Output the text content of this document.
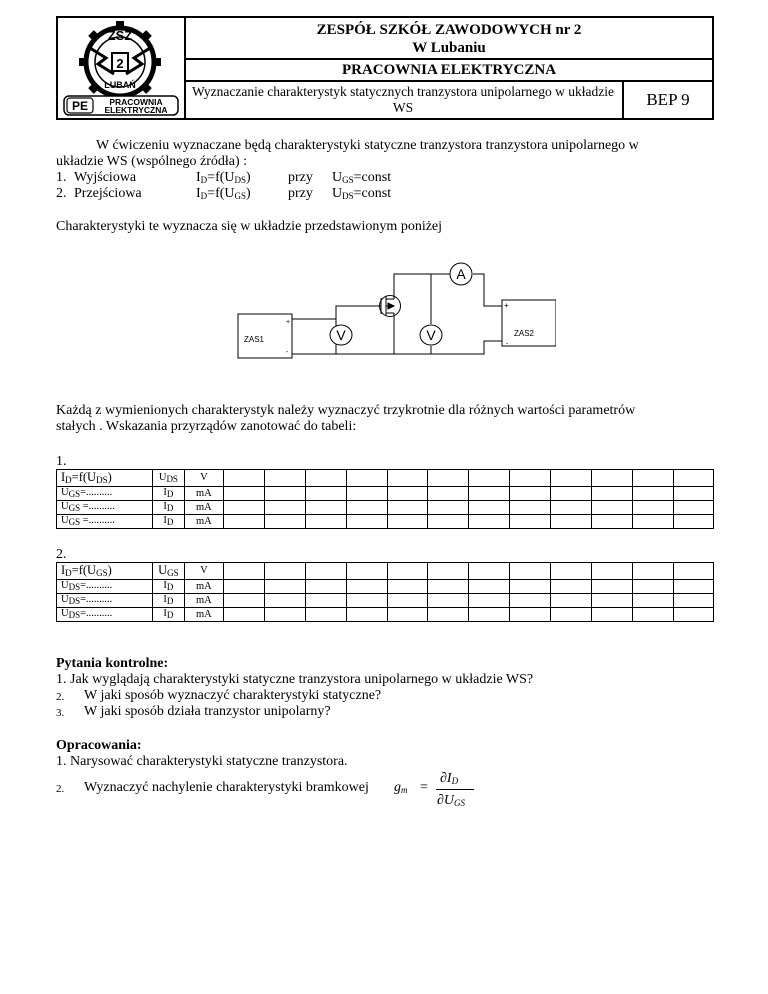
ZSZ
2
LUBAŃ
PE	PRACOWNIA
ELEKTRYCZNA
ZESPÓŁ SZKÓŁ ZAWODOWYCH nr 2
W Lubaniu
PRACOWNIA ELEKTRYCZNA
Wyznaczanie charakterystyk statycznych tranzystora unipolarnego w układzie WS	BEP 9
W ćwiczeniu wyznaczane będą charakterystyki statyczne tranzystora tranzystora unipolarnego w
układzie WS (wspólnego źródła) :
1. Wyjściowa	$I_D=f(U_{DS})$	przy $U_{GS}=const$
2. Przejściowa	$I_D=f(U_{GS})$	przy $U_{DS}=const$
Charakterystyki te wyznacza się w układzie przedstawionym poniżej
A
V	V
ZAS1
+
-
ZAS2
+
-
Każdą z wymienionych charakterystyk należy wyznaczyć trzykrotnie dla różnych wartości parametrów
stałych . Wskazania przyrządów zanotować do tabeli:
1.
$I_D=f(U_{DS})$	$U_{DS}$	V												
$U_{GS}=$..........	$I_D$	mA												
$U_{GS}$ =..........	$I_D$	mA												
$U_{GS}$ =..........	$I_D$	mA												
2.
$I_D=f(U_{GS})$	$U_{GS}$	V												
$U_{DS}=$..........	$I_D$	mA												
$U_{DS}=$..........	$I_D$	mA												
$U_{DS}=$..........	$I_D$	mA												
Pytania kontrolne:
1. Jak wyglądają charakterystyki statyczne tranzystora unipolarnego w układzie WS?
2. W jaki sposób wyznaczyć charakterystyki statyczne?
3. W jaki sposób działa tranzystor unipolarny?
Opracowania:
1. Narysować charakterystyki statyczne tranzystora.
2. Wyznaczyć nachylenie charakterystyki bramkowej $g_m$ =
$\partial I_D$
$\partial U_{GS}$
